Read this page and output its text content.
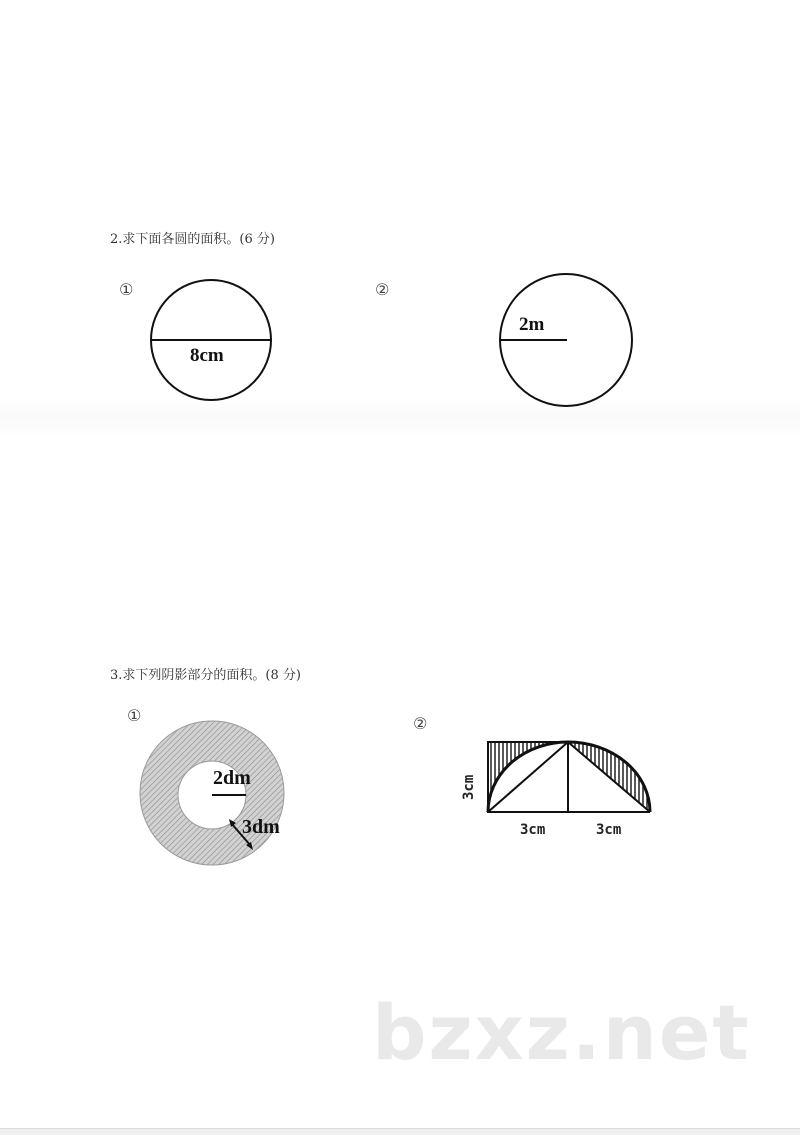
2.求下面各圆的面积。(6 分)
①
8cm
②
2m
3.求下列阴影部分的面积。(8 分)
①
2dm
3dm
②
3cm
3cm	3cm
bzxz.net
